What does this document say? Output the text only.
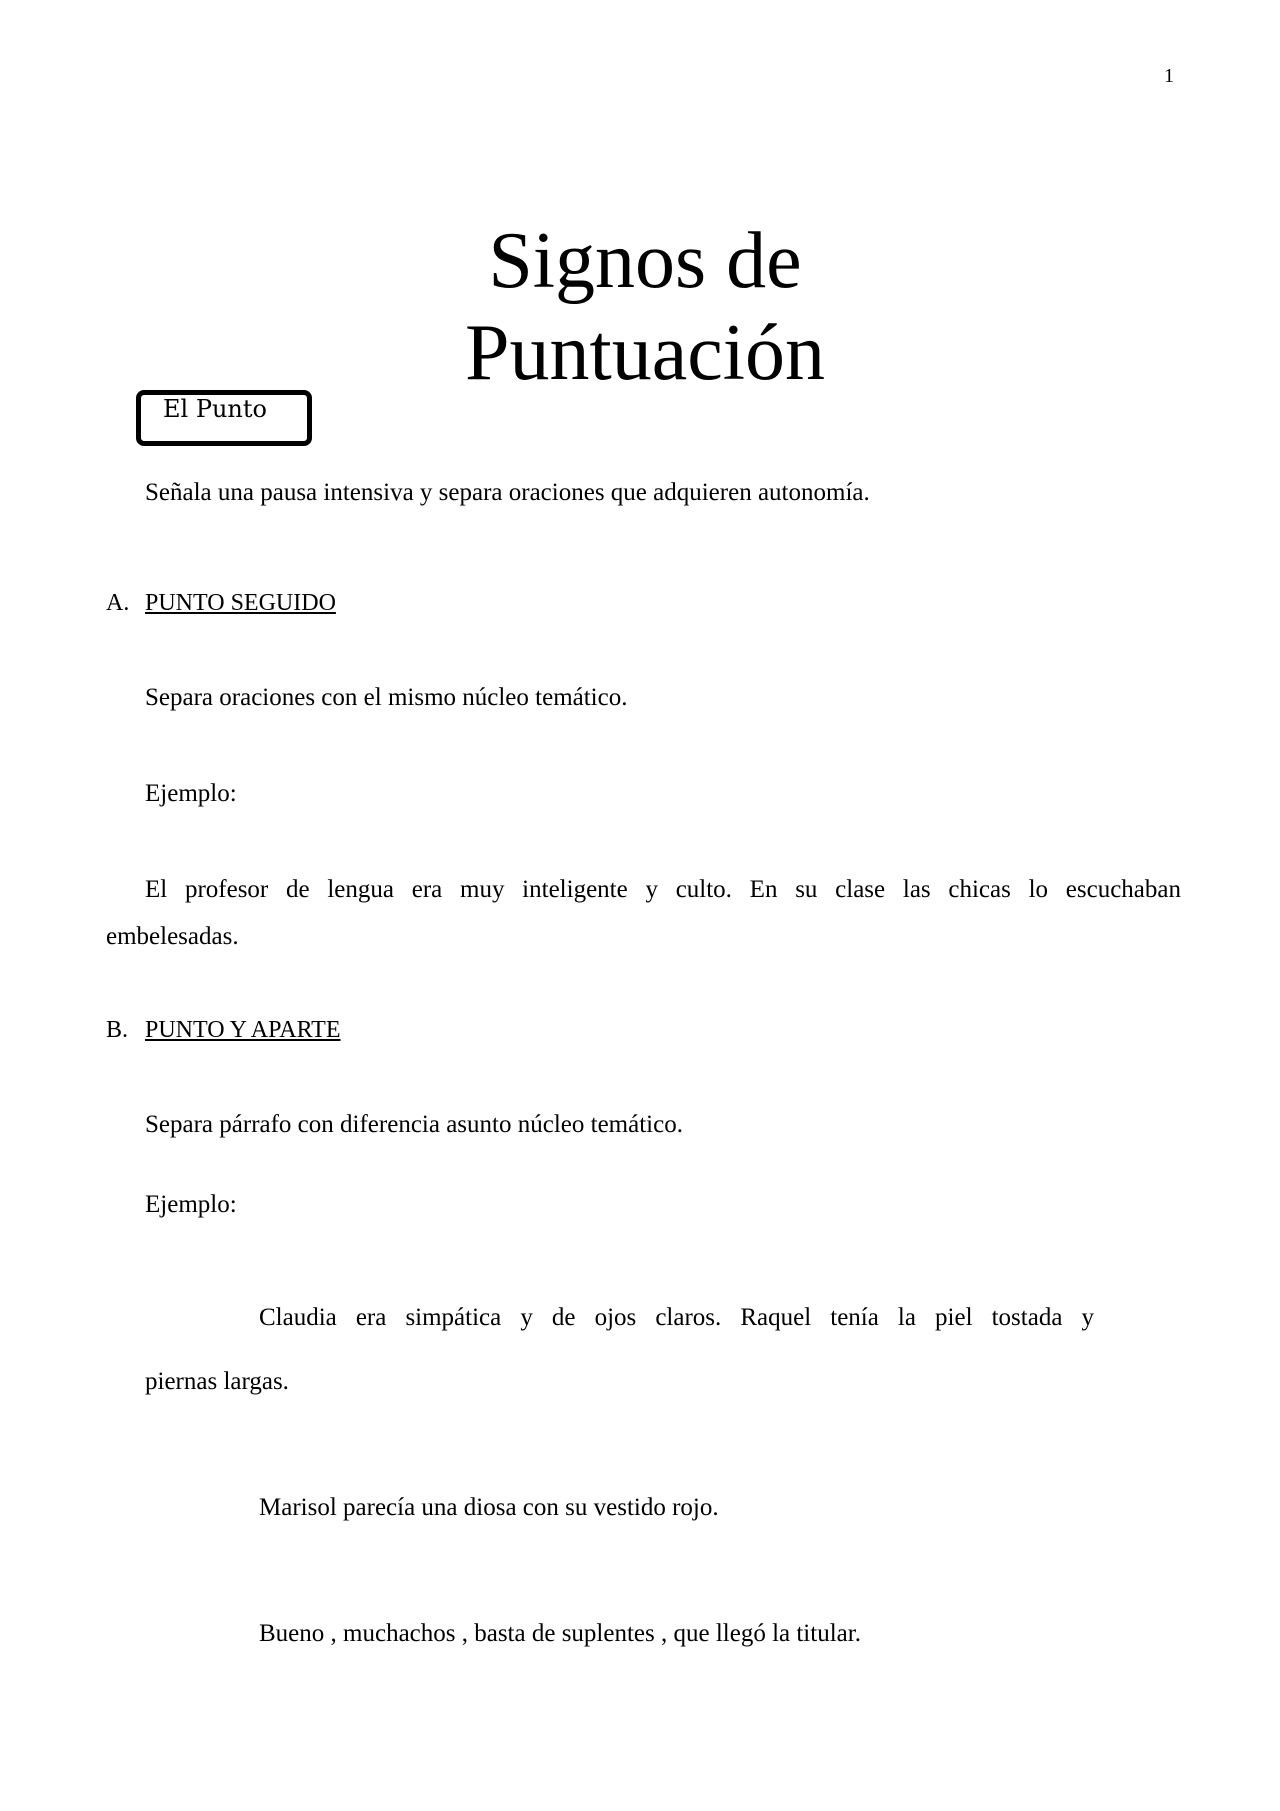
1
Signos de
Puntuación
El Punto
Señala una pausa intensiva y separa oraciones que adquieren autonomía.
A. PUNTO SEGUIDO
Separa oraciones con el mismo núcleo temático.
Ejemplo:
El profesor de lengua era muy inteligente y culto. En su clase las chicas lo escuchaban
embelesadas.
B. PUNTO Y APARTE
Separa párrafo con diferencia asunto núcleo temático.
Ejemplo:
Claudia era simpática y de ojos claros. Raquel tenía la piel tostada y
piernas largas.
Marisol parecía una diosa con su vestido rojo.
Bueno , muchachos , basta de suplentes , que llegó la titular.
